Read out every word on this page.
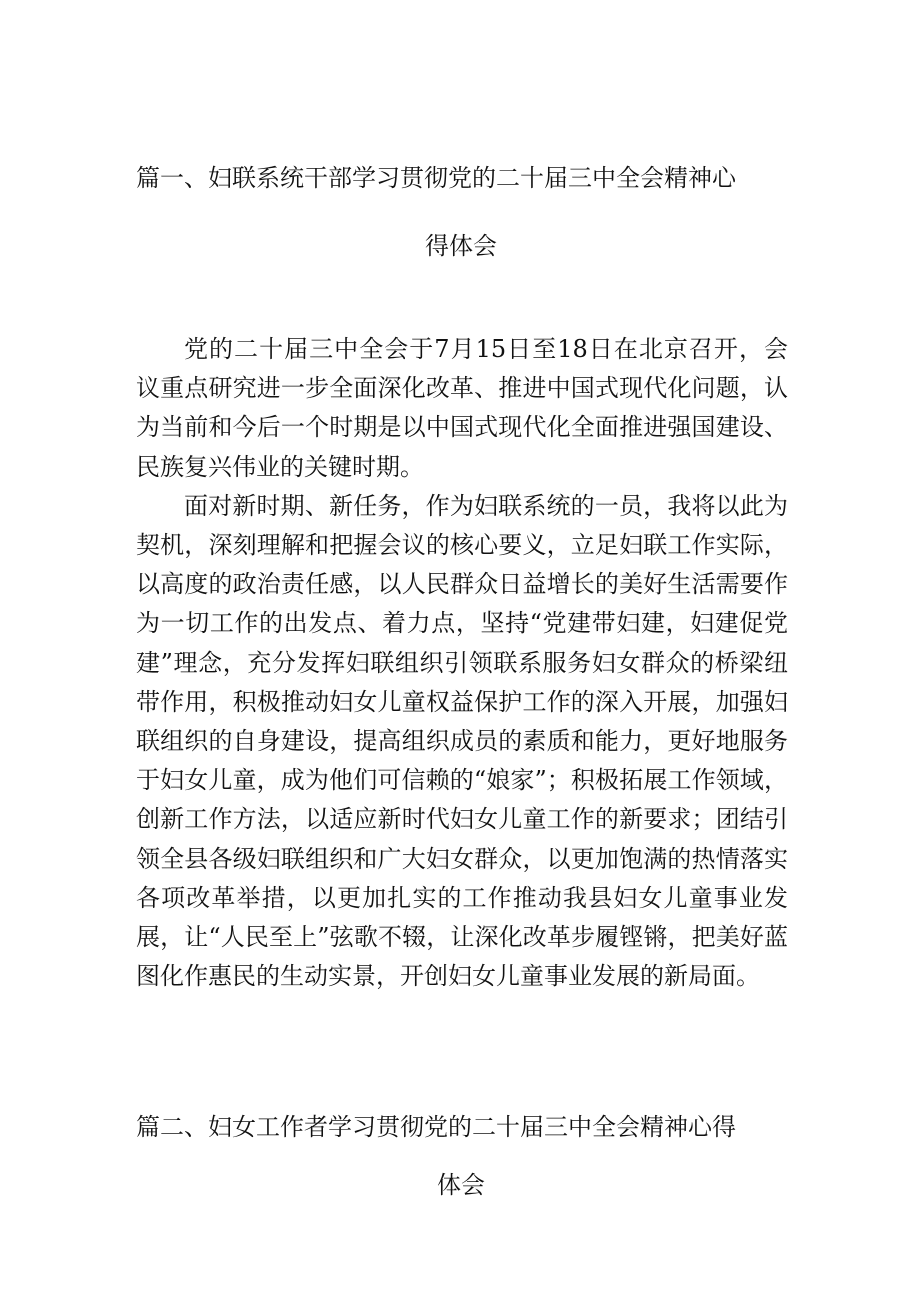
篇一、妇联系统干部学习贯彻党的二十届三中全会精神心
得体会

党的二十届三中全会于7月15日至18日在北京召开，会议重点研究进一步全面深化改革、推进中国式现代化问题，认为当前和今后一个时期是以中国式现代化全面推进强国建设、民族复兴伟业的关键时期。

面对新时期、新任务，作为妇联系统的一员，我将以此为契机，深刻理解和把握会议的核心要义，立足妇联工作实际，以高度的政治责任感，以人民群众日益增长的美好生活需要作为一切工作的出发点、着力点，坚持“党建带妇建，妇建促党建”理念，充分发挥妇联组织引领联系服务妇女群众的桥梁纽带作用，积极推动妇女儿童权益保护工作的深入开展，加强妇联组织的自身建设，提高组织成员的素质和能力，更好地服务于妇女儿童，成为他们可信赖的“娘家”；积极拓展工作领域，创新工作方法，以适应新时代妇女儿童工作的新要求；团结引领全县各级妇联组织和广大妇女群众，以更加饱满的热情落实各项改革举措，以更加扎实的工作推动我县妇女儿童事业发展，让“人民至上”弦歌不辍，让深化改革步履铿锵，把美好蓝图化作惠民的生动实景，开创妇女儿童事业发展的新局面。

篇二、妇女工作者学习贯彻党的二十届三中全会精神心得
体会
